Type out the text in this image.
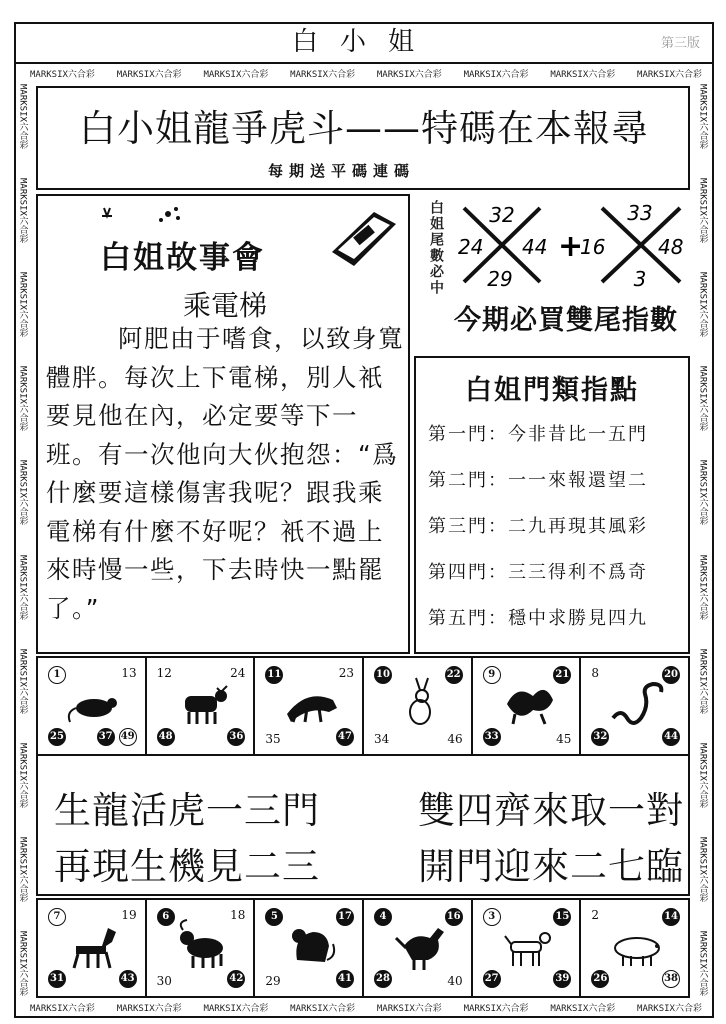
白小姐	第三版
MARKSIX六合彩 MARKSIX六合彩 MARKSIX六合彩 MARKSIX六合彩 MARKSIX六合彩 MARKSIX六合彩 MARKSIX六合彩 MARKSIX六合彩
MARKSIX六合彩 MARKSIX六合彩 MARKSIX六合彩 MARKSIX六合彩 MARKSIX六合彩 MARKSIX六合彩 MARKSIX六合彩 MARKSIX六合彩
MARKSIX六合彩
MARKSIX六合彩
MARKSIX六合彩
MARKSIX六合彩
MARKSIX六合彩
MARKSIX六合彩
MARKSIX六合彩
MARKSIX六合彩
MARKSIX六合彩
MARKSIX六合彩
MARKSIX六合彩
MARKSIX六合彩
MARKSIX六合彩
MARKSIX六合彩
MARKSIX六合彩
MARKSIX六合彩
MARKSIX六合彩
MARKSIX六合彩
MARKSIX六合彩
MARKSIX六合彩
白小姐龍爭虎斗——特碼在本報尋
每期送平碼連碼
白姐故事會
乘電梯
阿肥由于嗜食，以致身寬體胖。每次上下電梯，別人衹要見他在內，必定要等下一班。有一次他向大伙抱怨：“爲什麼要這樣傷害我呢？跟我乘電梯有什麼不好呢？衹不過上來時慢一些，下去時快一點罷了。”
白姐尾數必中 32
24 44
29
+
16
33
48
3
今期必買雙尾指數
白姐門類指點
第一門：今非昔比一五門
第二門：一一來報還望二
第三門：二九再現其風彩
第四門：三三得利不爲奇
第五門：穩中求勝見四九
1	13
25	37 49
12	24
48	36
11	23
35	47
10	22
34	46
9	21
33	45
8	20
32	44
生龍活虎一三門	雙四齊來取一對
再現生機見二三	開門迎來二七臨
7	19
31	43
6	18
30	42
5	17
29	41
4	16
28	40
3	15
27	39
2	14
26	38
